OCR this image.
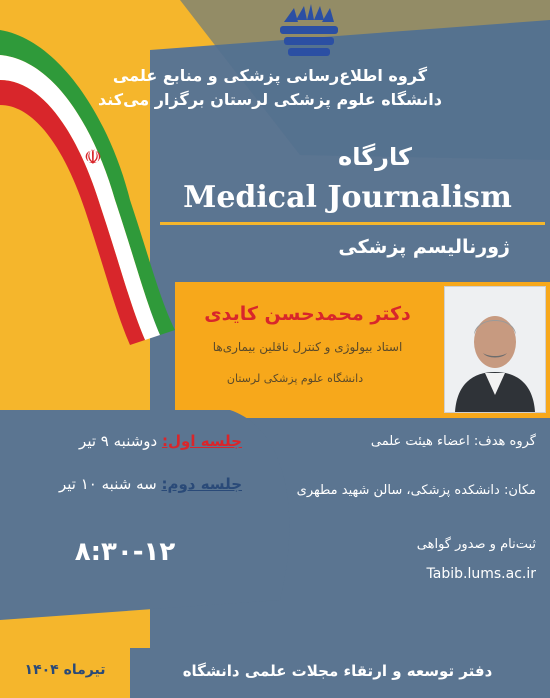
گروه اطلاع‌رسانی پزشکی و منابع علمی
دانشگاه علوم پزشکی لرستان برگزار می‌کند
☫	کارگاه
Medical Journalism
ژورنالیسم پزشکی
دکتر محمدحسن کایدی
استاد بیولوژی و کنترل ناقلین بیماری‌ها
دانشگاه علوم پزشکی لرستان
جلسه اول: دوشنبه ۹ تیر
جلسه دوم: سه شنبه ۱۰ تیر
۸:۳۰-۱۲
گروه هدف: اعضاء هیئت علمی
مکان: دانشکده پزشکی، سالن شهید مطهری
ثبت‌نام و صدور گواهی
Tabib.lums.ac.ir
دفتر توسعه و ارتقاء مجلات علمی دانشگاه
تیرماه ۱۴۰۴
